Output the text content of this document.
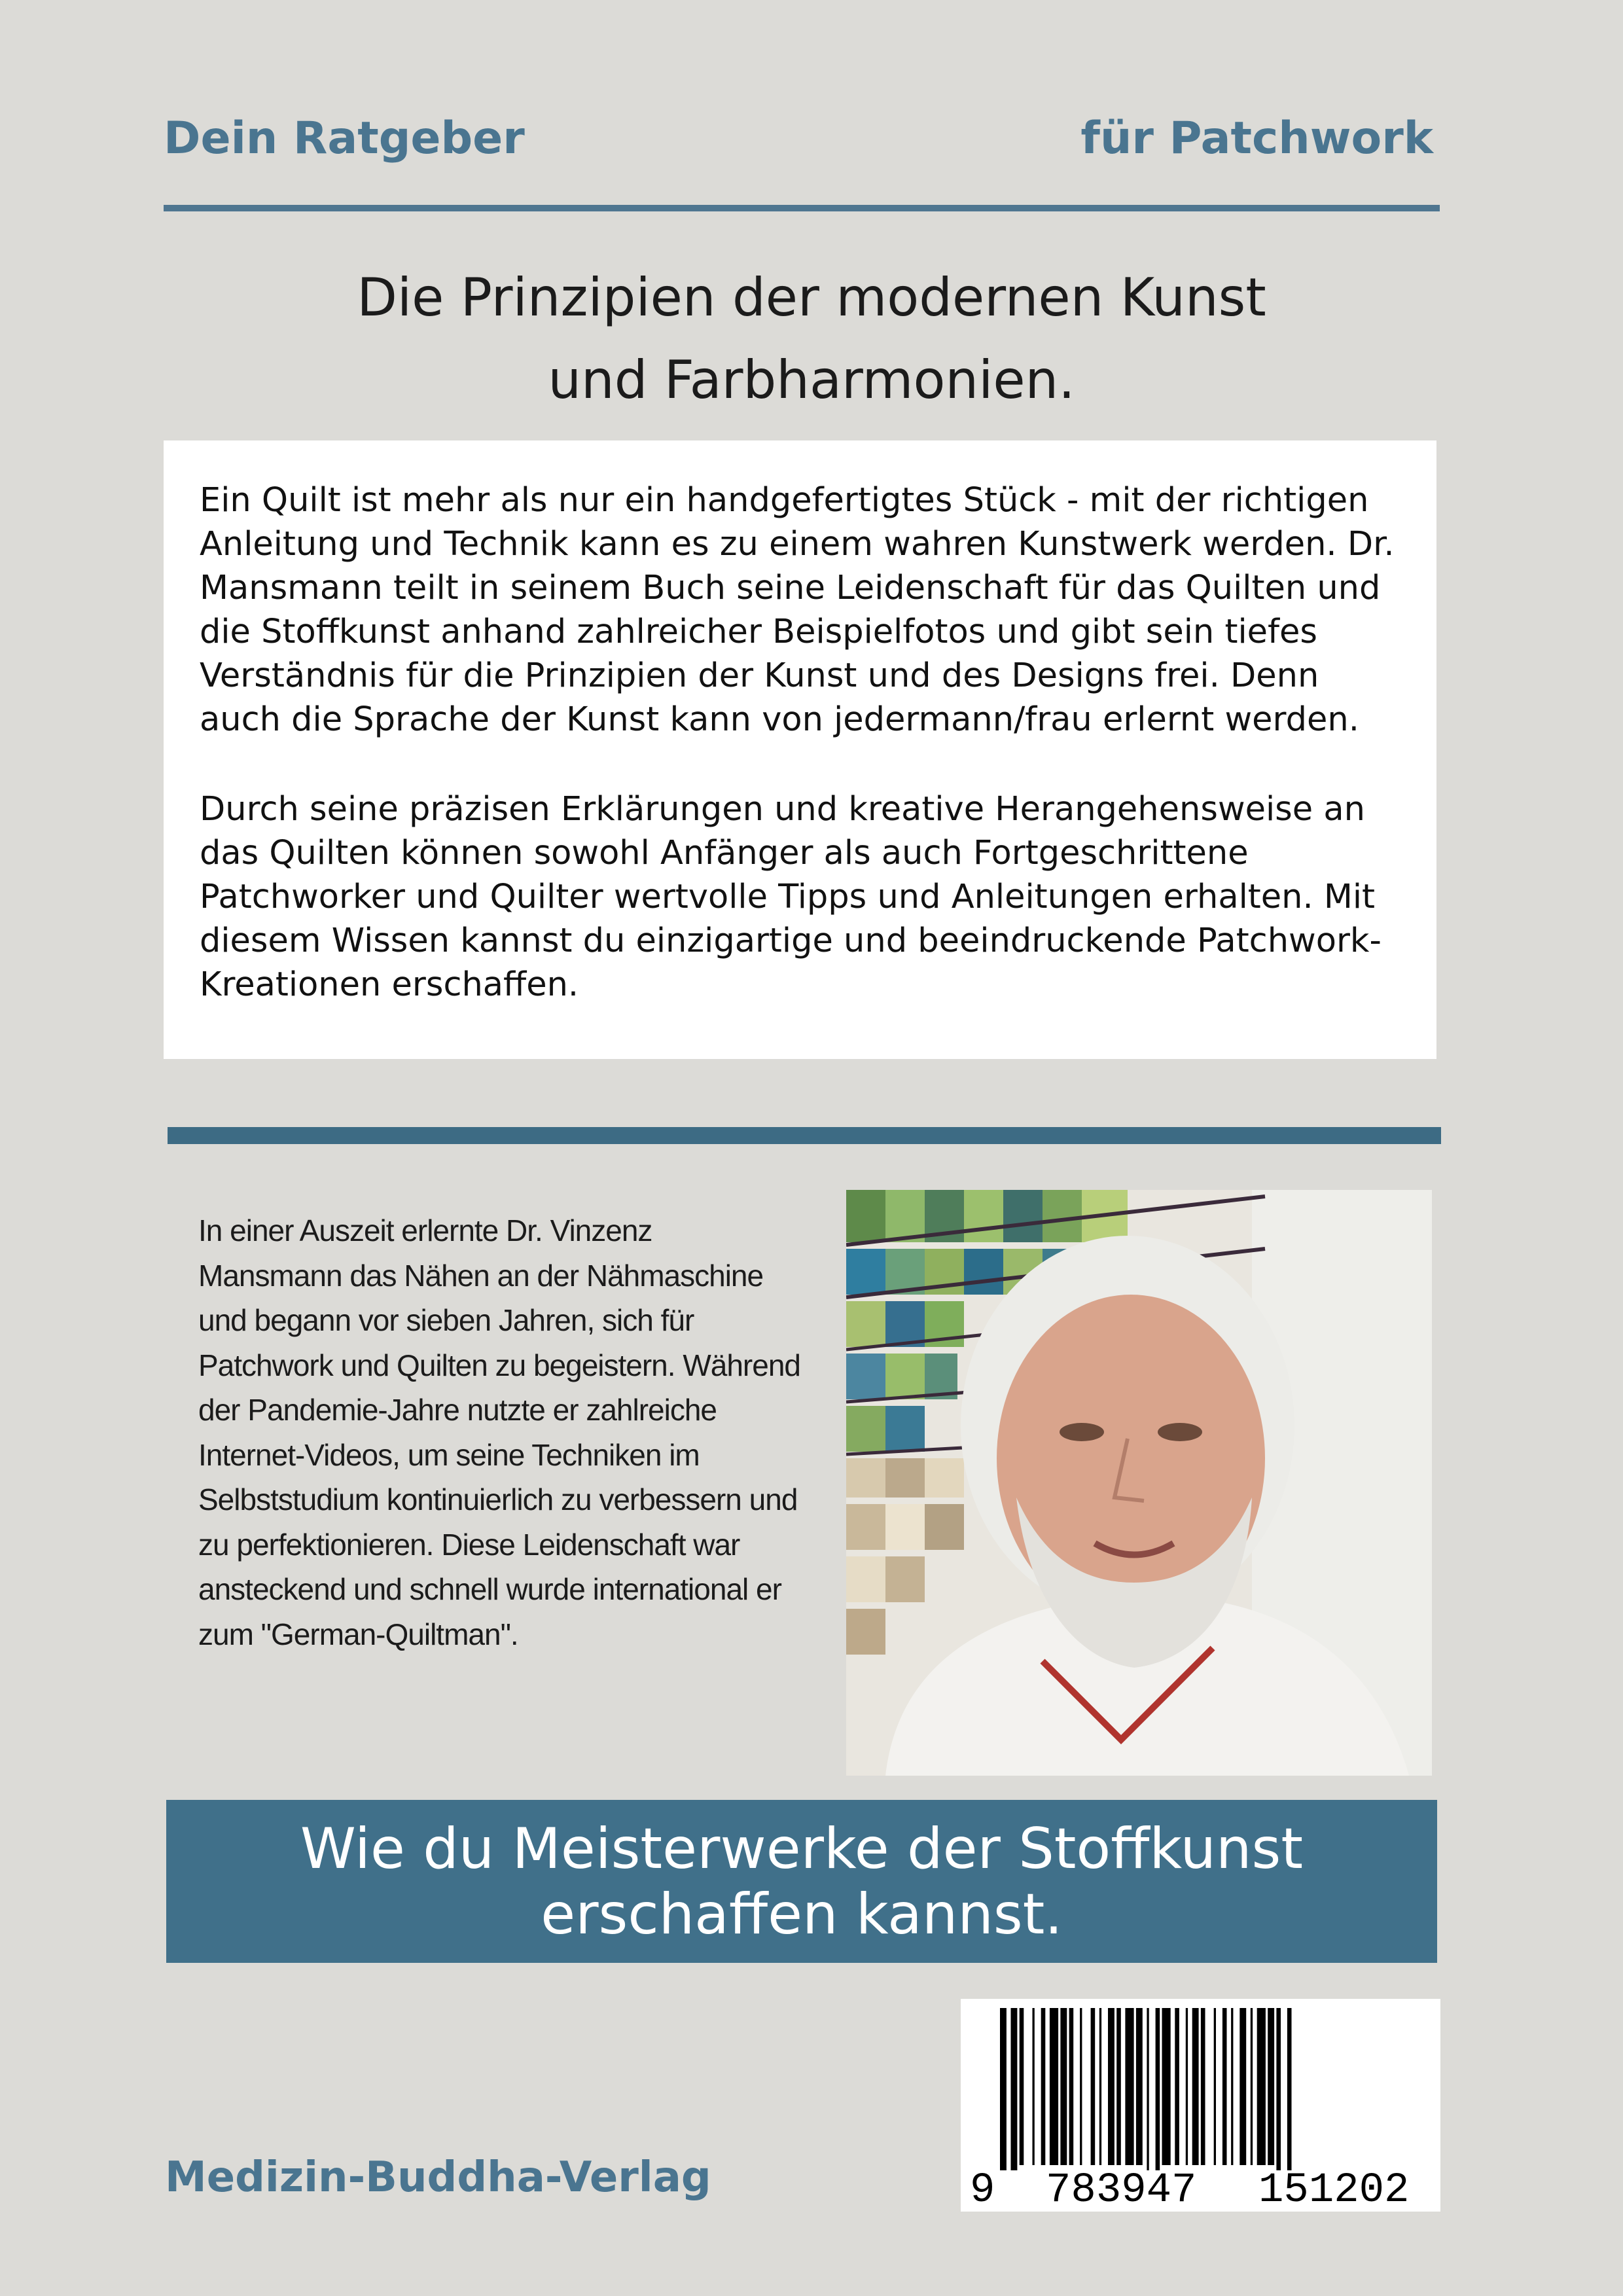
Dein Ratgeber	für Patchwork
Die Prinzipien der modernen Kunst
und Farbharmonien.

Ein Quilt ist mehr als nur ein handgefertigtes Stück - mit der richtigen Anleitung und Technik kann es zu einem wahren Kunstwerk werden. Dr. Mansmann teilt in seinem Buch seine Leidenschaft für das Quilten und die Stoffkunst anhand zahlreicher Beispielfotos und gibt sein tiefes Verständnis für die Prinzipien der Kunst und des Designs frei. Denn auch die Sprache der Kunst kann von jedermann/frau erlernt werden.

Durch seine präzisen Erklärungen und kreative Herangehensweise an das Quilten können sowohl Anfänger als auch Fortgeschrittene Patchworker und Quilter wertvolle Tipps und Anleitungen erhalten. Mit diesem Wissen kannst du einzigartige und beeindruckende Patchwork-Kreationen erschaffen.

In einer Auszeit erlernte Dr. Vinzenz Mansmann das Nähen an der Nähmaschine und begann vor sieben Jahren, sich für Patchwork und Quilten zu begeistern. Während der Pandemie-Jahre nutzte er zahlreiche Internet-Videos, um seine Techniken im Selbststudium kontinuierlich zu verbessern und zu perfektionieren. Diese Leidenschaft war ansteckend und schnell wurde international er zum "German-Quiltman".
Wie du Meisterwerke der Stoffkunst
erschaffen kannst.
Medizin-Buddha-Verlag	9 783947 151202
